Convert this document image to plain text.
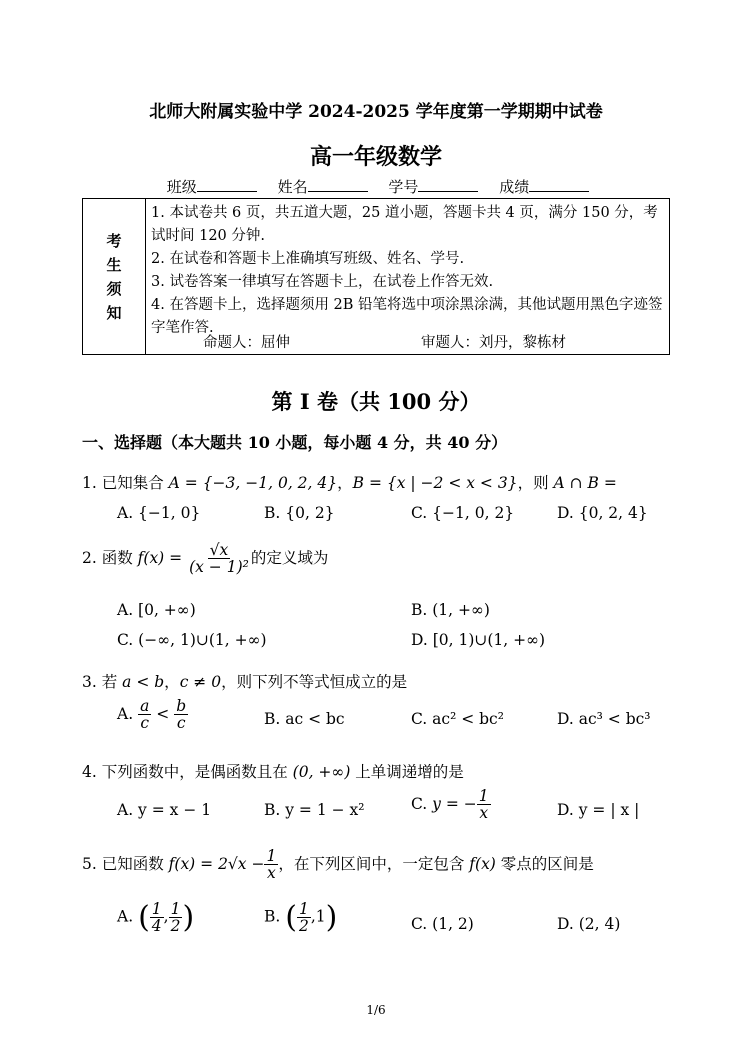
北师大附属实验中学 2024-2025 学年度第一学期期中试卷
高一年级数学
班级	姓名	学号	成绩
考
生
须
知

1. 本试卷共 6 页，共五道大题，25 道小题，答题卡共 4 页，满分 150 分，考试时间 120 分钟.

2. 在试卷和答题卡上准确填写班级、姓名、学号.

3. 试卷答案一律填写在答题卡上，在试卷上作答无效.

4. 在答题卡上，选择题须用 2B 铅笔将选中项涂黑涂满，其他试题用黑色字迹签字笔作答.

命题人：屈伸	审题人：刘丹，黎栋材
第 I 卷（共 100 分）
一、选择题（本大题共 10 小题，每小题 4 分，共 40 分）
1. 已知集合 A = {−3, −1, 0, 2, 4}，B = {x | −2 < x < 3}，则 A ∩ B =
A. {−1, 0}	B. {0, 2}	C. {−1, 0, 2}	D. {0, 2, 4}
2. 函数 $f(x) = \frac{√x}{\text{(x − 1)²}}$ 的定义域为
A. [0, +∞)	B. (1, +∞)
C. (−∞, 1)∪(1, +∞)	D. [0, 1)∪(1, +∞)
3. 若 a < b，c ≠ 0，则下列不等式恒成立的是
A. $\frac{a}{c} < \frac{b}{c}$	B. ac < bc	C. ac² < bc²	D. ac³ < bc³
4. 下列函数中，是偶函数且在 (0, +∞) 上单调递增的是
A. y = x − 1	B. y = 1 − x²	C. y = − $\frac{1}{x}$	D. y = | x |
5. 已知函数 $f(x) = 2√x - \frac{1}{x}$ ，在下列区间中，一定包含 f(x) 零点的区间是
A. ( $\frac{1}{4}$ , $\frac{1}{2}$ )	B. ( $\frac{1}{2} ,1$)	C. (1, 2)	D. (2, 4)
1/6
